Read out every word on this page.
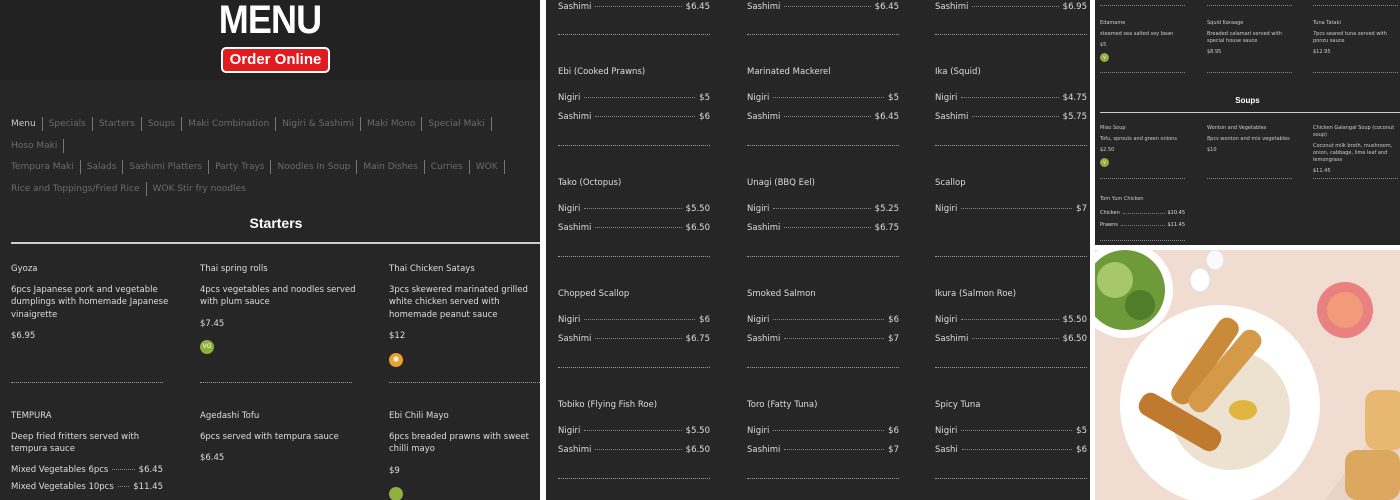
MENU
Order Online
Menu Specials Starters Soups Maki Combination Nigiri & Sashimi Maki Mono Special MakiHoso Maki
Tempura Maki Salads Sashimi Platters Party Trays Noodles In Soup Main Dishes Curries WOK
Rice and Toppings/Fried Rice WOK Stir fry noodles
Starters
Gyoza
6pcs Japanese pork and vegetable dumplings with homemade Japanese vinaigrette
$6.95
Thai spring rolls
4pcs vegetables and noodles served with plum sauce
$7.45
VG
Thai Chicken Satays
3pcs skewered marinated grilled white chicken served with homemade peanut sauce
$12
✱
TEMPURA
Deep fried fritters served with tempura sauce
Mixed Vegetables 6pcs	$6.45
Mixed Vegetables 10pcs $11.45
Agedashi Tofu
6pcs served with tempura sauce
$6.45
Ebi Chili Mayo
6pcs breaded prawns with sweet chilli mayo
$9
Sashimi	$6.45	Sashimi	$6.45	Sashimi	$6.95
Ebi (Cooked Prawns)
Nigiri	$5
Sashimi	$6
Marinated Mackerel
Nigiri	$5
Sashimi	$6.45
Ika (Squid)
Nigiri	$4.75
Sashimi	$5.75
Tako (Octopus)
Nigiri	$5.50
Sashimi	$6.50
Unagi (BBQ Eel)
Nigiri	$5.25
Sashimi	$6.75
Scallop
Nigiri	$7
Chopped Scallop
Nigiri	$6
Sashimi	$6.75
Smoked Salmon
Nigiri	$6
Sashimi	$7
Ikura (Salmon Roe)
Nigiri	$5.50
Sashimi	$6.50
Tobiko (Flying Fish Roe)
Nigiri	$5.50
Sashimi	$6.50
Toro (Fatty Tuna)
Nigiri	$6
Sashimi	$7
Spicy Tuna
Nigiri	$5
Sashi	$6
Soups
Chicken	$10.45
Prawns	$11.45
Tom Yum Chicken
Edamame
steamed sea salted soy bean
$5
V
Miso Soup
Tofu, sprouts and green onions
$2.50
V
Squid Karaage
Breaded calamari served with special house sauce
$8.95
Wonton and Vegetables
8pcs wonton and mix vegetables
$10
Tuna Tataki
7pcs seared tuna served with ponzu sauce
$12.95
Chicken Galangal Soup (coconut soup)
Coconut milk broth, mushroom, onion, cabbage, lime leaf and lemongrass
$11.45
